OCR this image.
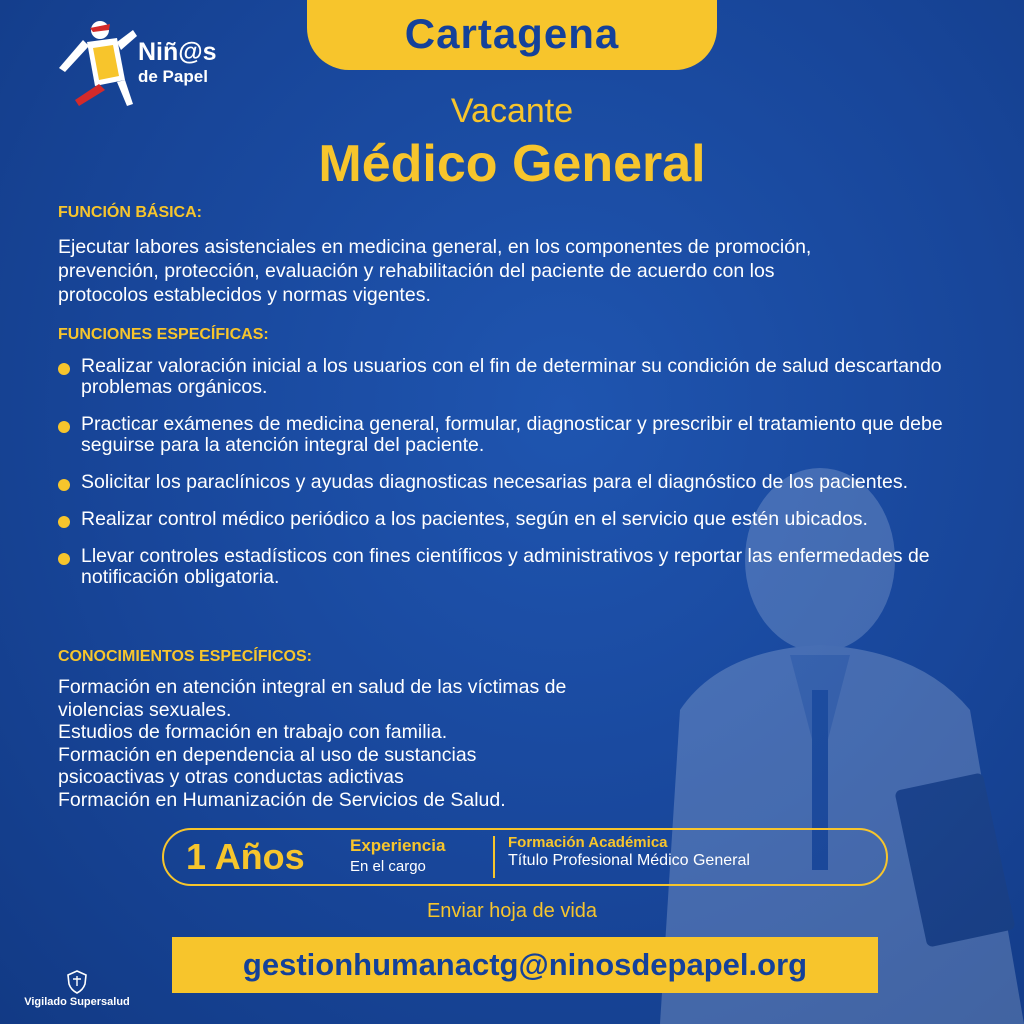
Niñ@s
de Papel
Cartagena
Vacante
Médico General
FUNCIÓN BÁSICA:
Ejecutar labores asistenciales en medicina general, en los componentes de promoción,
prevención, protección, evaluación y rehabilitación del paciente de acuerdo con los
protocolos establecidos y normas vigentes.
FUNCIONES ESPECÍFICAS:
Realizar valoración inicial a los usuarios con el fin de determinar su condición de salud descartando problemas orgánicos.
Practicar exámenes de medicina general, formular, diagnosticar y prescribir el tratamiento que debe seguirse para la atención integral del paciente.
Solicitar los paraclínicos y ayudas diagnosticas necesarias para el diagnóstico de los pacientes.
Realizar control médico periódico a los pacientes, según en el servicio que estén ubicados.
Llevar controles estadísticos con fines científicos y administrativos y reportar las enfermedades de notificación obligatoria.
CONOCIMIENTOS ESPECÍFICOS:
Formación en atención integral en salud de las víctimas de
violencias sexuales.
Estudios de formación en trabajo con familia.
Formación en dependencia al uso de sustancias
psicoactivas y otras conductas adictivas
Formación en Humanización de Servicios de Salud.
1 Años	Experiencia
En el cargo
Formación Académica
Título Profesional Médico General
Enviar hoja de vida
gestionhumanactg@ninosdepapel.org
Vigilado Supersalud
